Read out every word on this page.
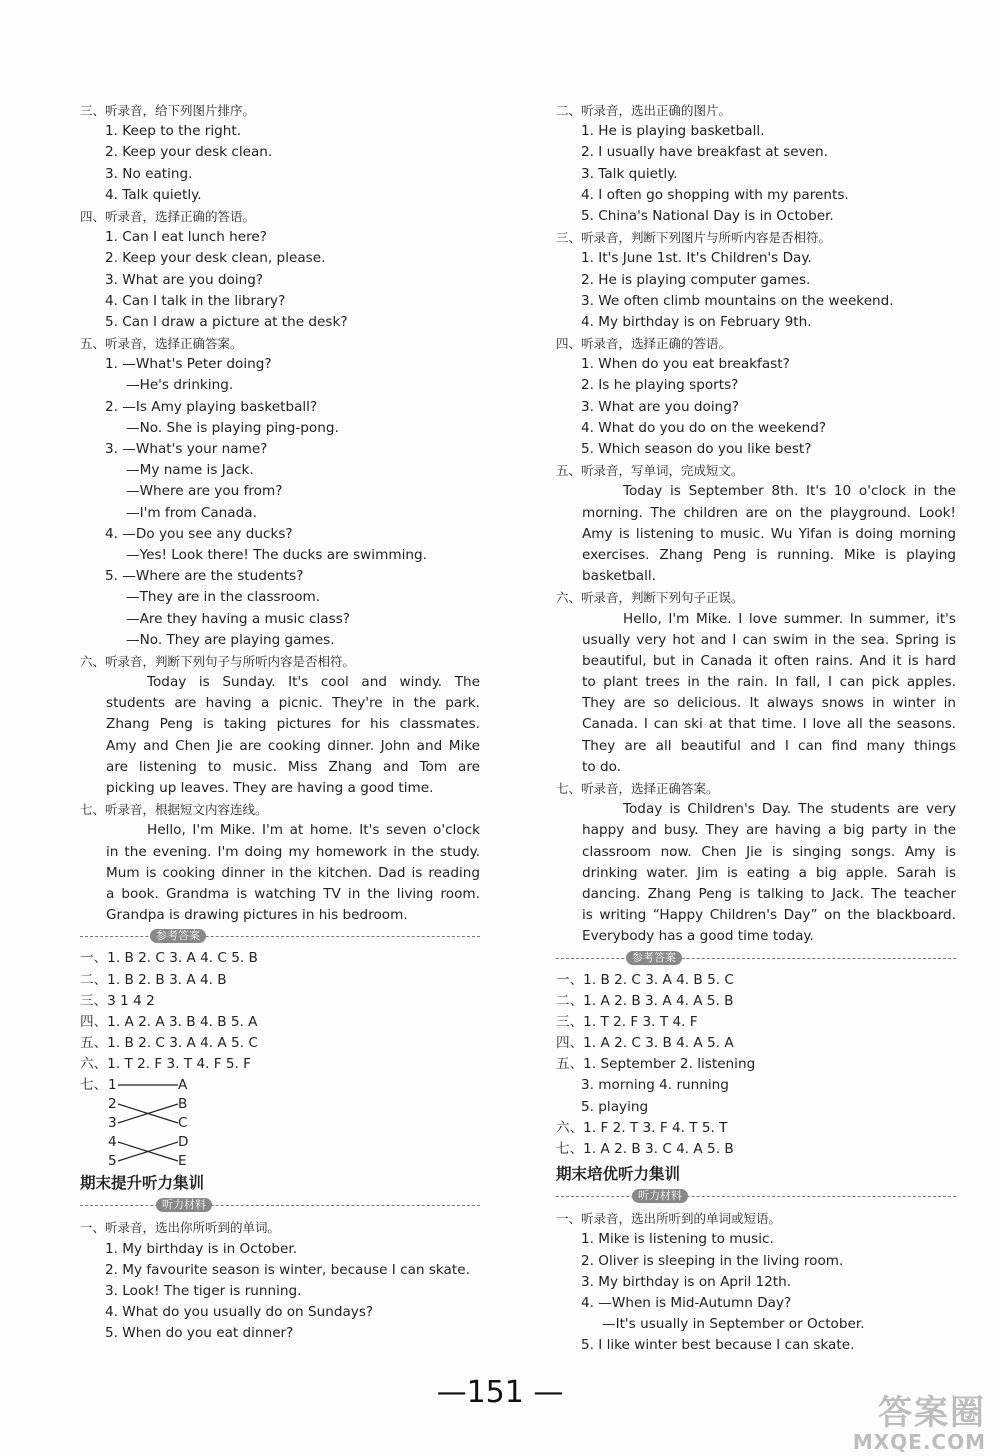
三、听录音，给下列图片排序。
1. Keep to the right.
2. Keep your desk clean.
3. No eating.
4. Talk quietly.
四、听录音，选择正确的答语。
1. Can I eat lunch here?
2. Keep your desk clean, please.
3. What are you doing?
4. Can I talk in the library?
5. Can I draw a picture at the desk?
五、听录音，选择正确答案。
1. —What's Peter doing?
—He's drinking.
2. —Is Amy playing basketball?
—No. She is playing ping-pong.
3. —What's your name?
—My name is Jack.
—Where are you from?
—I'm from Canada.
4. —Do you see any ducks?
—Yes! Look there! The ducks are swimming.
5. —Where are the students?
—They are in the classroom.
—Are they having a music class?
—No. They are playing games.
六、听录音，判断下列句子与所听内容是否相符。
Today is Sunday. It's cool and windy. The
students are having a picnic. They're in the park.
Zhang Peng is taking pictures for his classmates.
Amy and Chen Jie are cooking dinner. John and Mike
are listening to music. Miss Zhang and Tom are
picking up leaves. They are having a good time.
七、听录音，根据短文内容连线。
Hello, I'm Mike. I'm at home. It's seven o'clock
in the evening. I'm doing my homework in the study.
Mum is cooking dinner in the kitchen. Dad is reading
a book. Grandma is watching TV in the living room.
Grandpa is drawing pictures in his bedroom.
参考答案
一、1. B 2. C 3. A 4. C 5. B
二、1. B 2. B 3. A 4. B
三、3 1 4 2
四、1. A 2. A 3. B 4. B 5. A
五、1. B 2. C 3. A 4. A 5. C
六、1. T 2. F 3. T 4. F 5. F
七、 1
2
3
4
5
A
B
C
D
E
期末提升听力集训
听力材料
一、听录音，选出你所听到的单词。
1. My birthday is in October.
2. My favourite season is winter, because I can skate.
3. Look! The tiger is running.
4. What do you usually do on Sundays?
5. When do you eat dinner?
二、听录音，选出正确的图片。
1. He is playing basketball.
2. I usually have breakfast at seven.
3. Talk quietly.
4. I often go shopping with my parents.
5. China's National Day is in October.
三、听录音，判断下列图片与所听内容是否相符。
1. It's June 1st. It's Children's Day.
2. He is playing computer games.
3. We often climb mountains on the weekend.
4. My birthday is on February 9th.
四、听录音，选择正确的答语。
1. When do you eat breakfast?
2. Is he playing sports?
3. What are you doing?
4. What do you do on the weekend?
5. Which season do you like best?
五、听录音，写单词，完成短文。
Today is September 8th. It's 10 o'clock in the
morning. The children are on the playground. Look!
Amy is listening to music. Wu Yifan is doing morning
exercises. Zhang Peng is running. Mike is playing
basketball.
六、听录音，判断下列句子正误。
Hello, I'm Mike. I love summer. In summer, it's
usually very hot and I can swim in the sea. Spring is
beautiful, but in Canada it often rains. And it is hard
to plant trees in the rain. In fall, I can pick apples.
They are so delicious. It always snows in winter in
Canada. I can ski at that time. I love all the seasons.
They are all beautiful and I can find many things
to do.
七、听录音，选择正确答案。
Today is Children's Day. The students are very
happy and busy. They are having a big party in the
classroom now. Chen Jie is singing songs. Amy is
drinking water. Jim is eating a big apple. Sarah is
dancing. Zhang Peng is talking to Jack. The teacher
is writing “Happy Children's Day” on the blackboard.
Everybody has a good time today.
参考答案
一、1. B 2. C 3. A 4. B 5. C
二、1. A 2. B 3. A 4. A 5. B
三、1. T 2. F 3. T 4. F
四、1. A 2. C 3. B 4. A 5. A
五、1. September 2. listening
3. morning 4. running
5. playing
六、1. F 2. T 3. F 4. T 5. T
七、1. A 2. B 3. C 4. A 5. B
期末培优听力集训
听力材料
一、听录音，选出所听到的单词或短语。
1. Mike is listening to music.
2. Oliver is sleeping in the living room.
3. My birthday is on April 12th.
4. —When is Mid-Autumn Day?
—It's usually in September or October.
5. I like winter best because I can skate.
—151 —
答案圈
MXQE.COM
